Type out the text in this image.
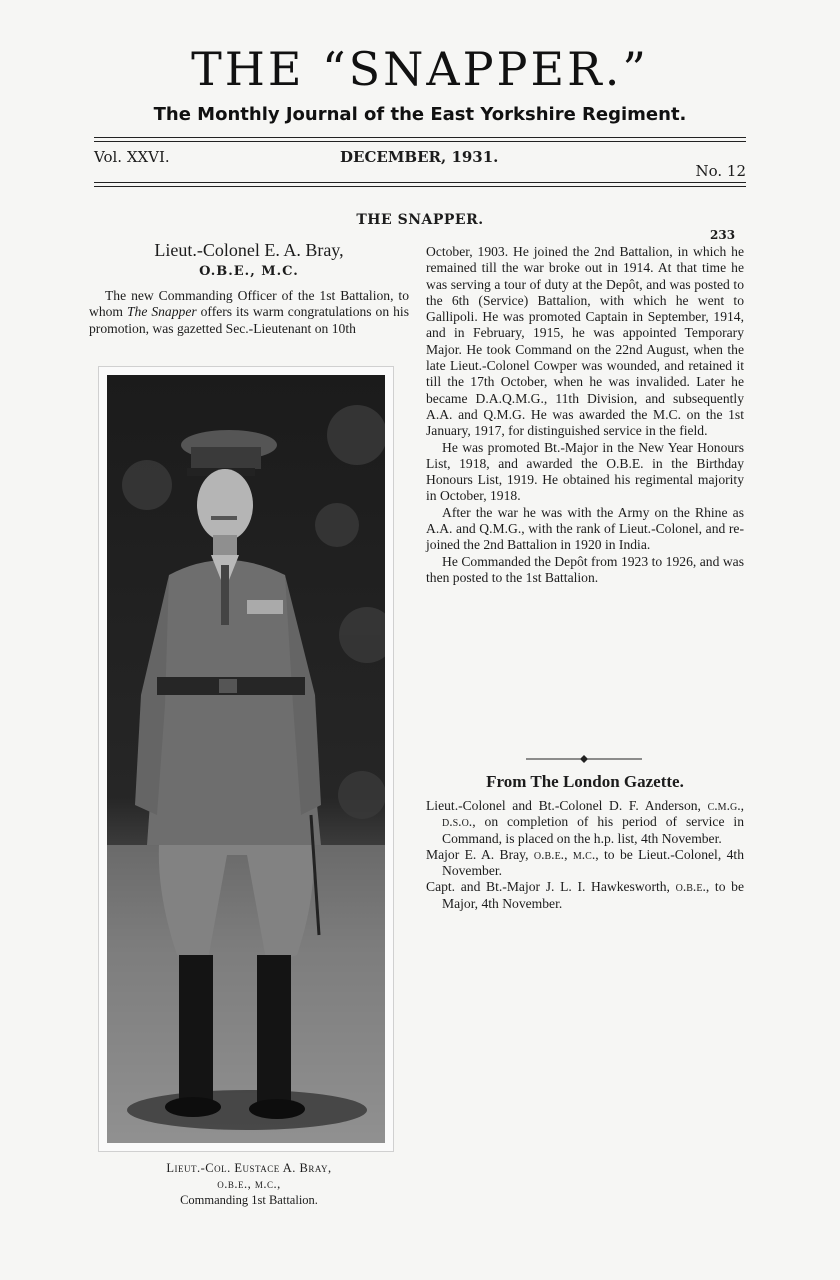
THE “SNAPPER.”
The Monthly Journal of the East Yorkshire Regiment.
Vol. XXVI.	DECEMBER, 1931.
No. 12
THE SNAPPER.
233
Lieut.-Colonel E. A. Bray,
O.B.E., M.C.

The new Commanding Officer of the 1st Battalion, to whom The Snapper offers its warm congratulations on his promotion, was gazetted Sec.-Lieutenant on 10th

Lieut.-Col. Eustace A. Bray,
o.b.e., m.c.,
Commanding 1st Battalion.

October, 1903. He joined the 2nd Battalion, in which he remained till the war broke out in 1914. At that time he was serving a tour of duty at the Depôt, and was posted to the 6th (Service) Battalion, with which he went to Gallipoli. He was promoted Captain in September, 1914, and in February, 1915, he was appointed Temporary Major. He took Command on the 22nd August, when the late Lieut.-Colonel Cowper was wounded, and retained it till the 17th October, when he was invalided. Later he became D.A.Q.M.G., 11th Division, and subsequently A.A. and Q.M.G. He was awarded the M.C. on the 1st January, 1917, for distinguished service in the field.

He was promoted Bt.-Major in the New Year Honours List, 1918, and awarded the O.B.E. in the Birthday Honours List, 1919. He obtained his regimental majority in October, 1918.

After the war he was with the Army on the Rhine as A.A. and Q.M.G., with the rank of Lieut.-Colonel, and re-joined the 2nd Battalion in 1920 in India.

He Commanded the Depôt from 1923 to 1926, and was then posted to the 1st Battalion.

From The London Gazette.

Lieut.-Colonel and Bt.-Colonel D. F. Anderson, c.m.g., d.s.o., on completion of his period of service in Command, is placed on the h.p. list, 4th November.

Major E. A. Bray, o.b.e., m.c., to be Lieut.-Colonel, 4th November.

Capt. and Bt.-Major J. L. I. Hawkesworth, o.b.e., to be Major, 4th November.
